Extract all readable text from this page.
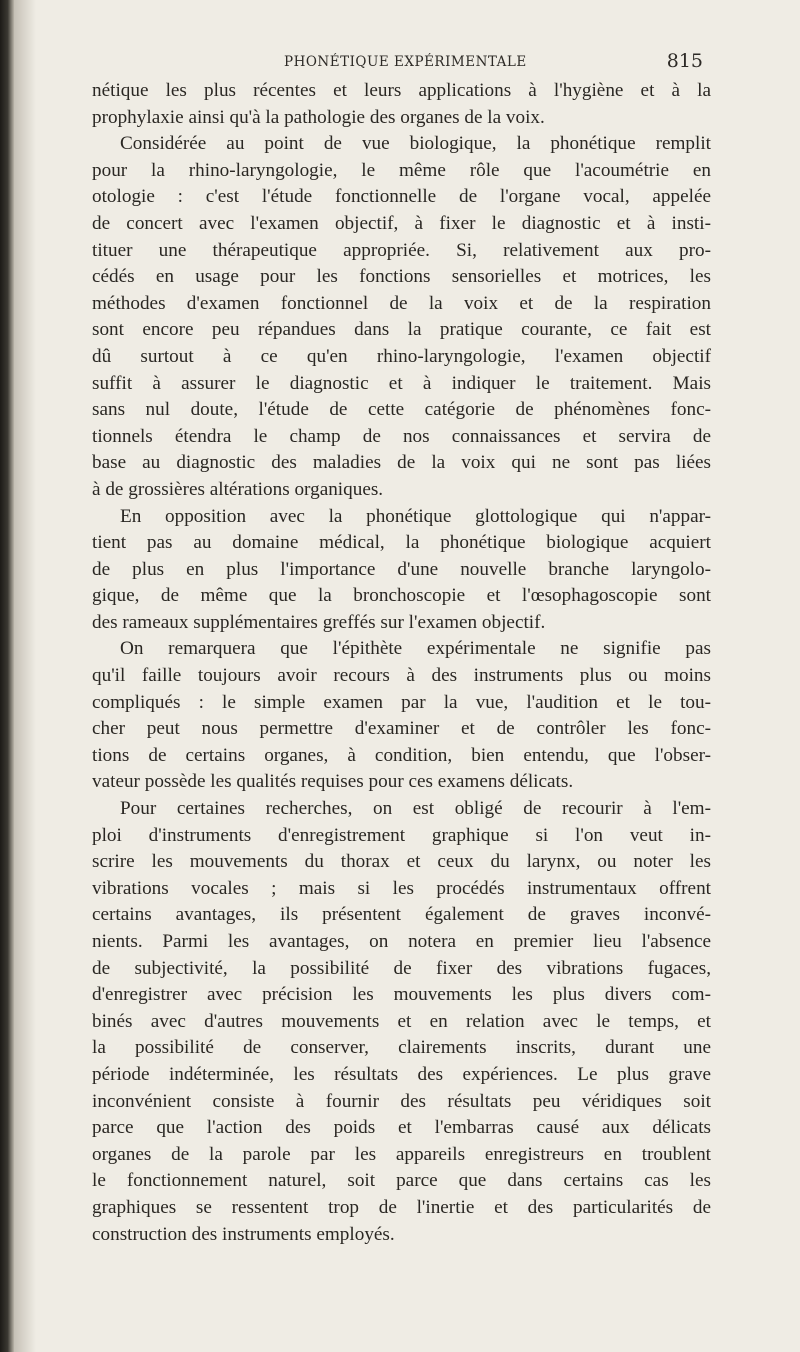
PHONÉTIQUE EXPÉRIMENTALE	815
nétique les plus récentes et leurs applications à l'hygiène et à la
prophylaxie ainsi qu'à la pathologie des organes de la voix.
Considérée au point de vue biologique, la phonétique remplit
pour la rhino-laryngologie, le même rôle que l'acoumétrie en
otologie : c'est l'étude fonctionnelle de l'organe vocal, appelée
de concert avec l'examen objectif, à fixer le diagnostic et à insti-
tituer une thérapeutique appropriée. Si, relativement aux pro-
cédés en usage pour les fonctions sensorielles et motrices, les
méthodes d'examen fonctionnel de la voix et de la respiration
sont encore peu répandues dans la pratique courante, ce fait est
dû surtout à ce qu'en rhino-laryngologie, l'examen objectif
suffit à assurer le diagnostic et à indiquer le traitement. Mais
sans nul doute, l'étude de cette catégorie de phénomènes fonc-
tionnels étendra le champ de nos connaissances et servira de
base au diagnostic des maladies de la voix qui ne sont pas liées
à de grossières altérations organiques.
En opposition avec la phonétique glottologique qui n'appar-
tient pas au domaine médical, la phonétique biologique acquiert
de plus en plus l'importance d'une nouvelle branche laryngolo-
gique, de même que la bronchoscopie et l'œsophagoscopie sont
des rameaux supplémentaires greffés sur l'examen objectif.
On remarquera que l'épithète expérimentale ne signifie pas
qu'il faille toujours avoir recours à des instruments plus ou moins
compliqués : le simple examen par la vue, l'audition et le tou-
cher peut nous permettre d'examiner et de contrôler les fonc-
tions de certains organes, à condition, bien entendu, que l'obser-
vateur possède les qualités requises pour ces examens délicats.
Pour certaines recherches, on est obligé de recourir à l'em-
ploi d'instruments d'enregistrement graphique si l'on veut in-
scrire les mouvements du thorax et ceux du larynx, ou noter les
vibrations vocales ; mais si les procédés instrumentaux offrent
certains avantages, ils présentent également de graves inconvé-
nients. Parmi les avantages, on notera en premier lieu l'absence
de subjectivité, la possibilité de fixer des vibrations fugaces,
d'enregistrer avec précision les mouvements les plus divers com-
binés avec d'autres mouvements et en relation avec le temps, et
la possibilité de conserver, clairements inscrits, durant une
période indéterminée, les résultats des expériences. Le plus grave
inconvénient consiste à fournir des résultats peu véridiques soit
parce que l'action des poids et l'embarras causé aux délicats
organes de la parole par les appareils enregistreurs en troublent
le fonctionnement naturel, soit parce que dans certains cas les
graphiques se ressentent trop de l'inertie et des particularités de
construction des instruments employés.
